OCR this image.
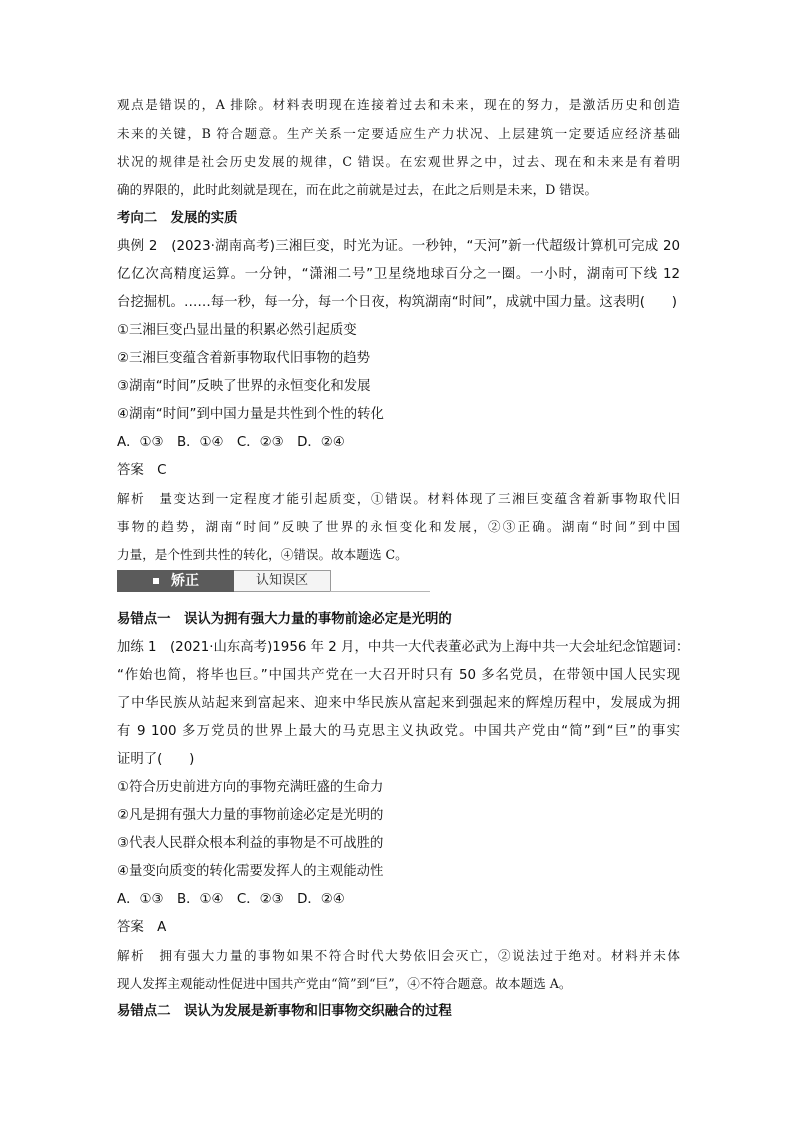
观点是错误的，A 排除。材料表明现在连接着过去和未来，现在的努力，是激活历史和创造
未来的关键，B 符合题意。生产关系一定要适应生产力状况、上层建筑一定要适应经济基础
状况的规律是社会历史发展的规律，C 错误。在宏观世界之中，过去、现在和未来是有着明
确的界限的，此时此刻就是现在，而在此之前就是过去，在此之后则是未来，D 错误。
考向二　发展的实质
典例 2　(2023·湖南高考)三湘巨变，时光为证。一秒钟，“天河”新一代超级计算机可完成 20
亿亿次高精度运算。一分钟，“潇湘二号”卫星绕地球百分之一圈。一小时，湖南可下线 12
台挖掘机。……每一秒，每一分，每一个日夜，构筑湖南“时间”，成就中国力量。这表明(　　)
①三湘巨变凸显出量的积累必然引起质变
②三湘巨变蕴含着新事物取代旧事物的趋势
③湖南“时间”反映了世界的永恒变化和发展
④湖南“时间”到中国力量是共性到个性的转化
A．①③　B．①④　C．②③　D．②④
答案　C
解析　量变达到一定程度才能引起质变，①错误。材料体现了三湘巨变蕴含着新事物取代旧
事物的趋势，湖南“时间”反映了世界的永恒变化和发展，②③正确。湖南“时间”到中国
力量，是个性到共性的转化，④错误。故本题选 C。
矫正	认知误区
易错点一　误认为拥有强大力量的事物前途必定是光明的
加练 1　(2021·山东高考)1956 年 2 月，中共一大代表董必武为上海中共一大会址纪念馆题词：
“作始也简，将毕也巨。”中国共产党在一大召开时只有 50 多名党员，在带领中国人民实现
了中华民族从站起来到富起来、迎来中华民族从富起来到强起来的辉煌历程中，发展成为拥
有 9 100 多万党员的世界上最大的马克思主义执政党。中国共产党由“简”到“巨”的事实
证明了(　　)
①符合历史前进方向的事物充满旺盛的生命力
②凡是拥有强大力量的事物前途必定是光明的
③代表人民群众根本利益的事物是不可战胜的
④量变向质变的转化需要发挥人的主观能动性
A．①③　B．①④　C．②③　D．②④
答案　A
解析　拥有强大力量的事物如果不符合时代大势依旧会灭亡，②说法过于绝对。材料并未体
现人发挥主观能动性促进中国共产党由“简”到“巨”，④不符合题意。故本题选 A。
易错点二　误认为发展是新事物和旧事物交织融合的过程
